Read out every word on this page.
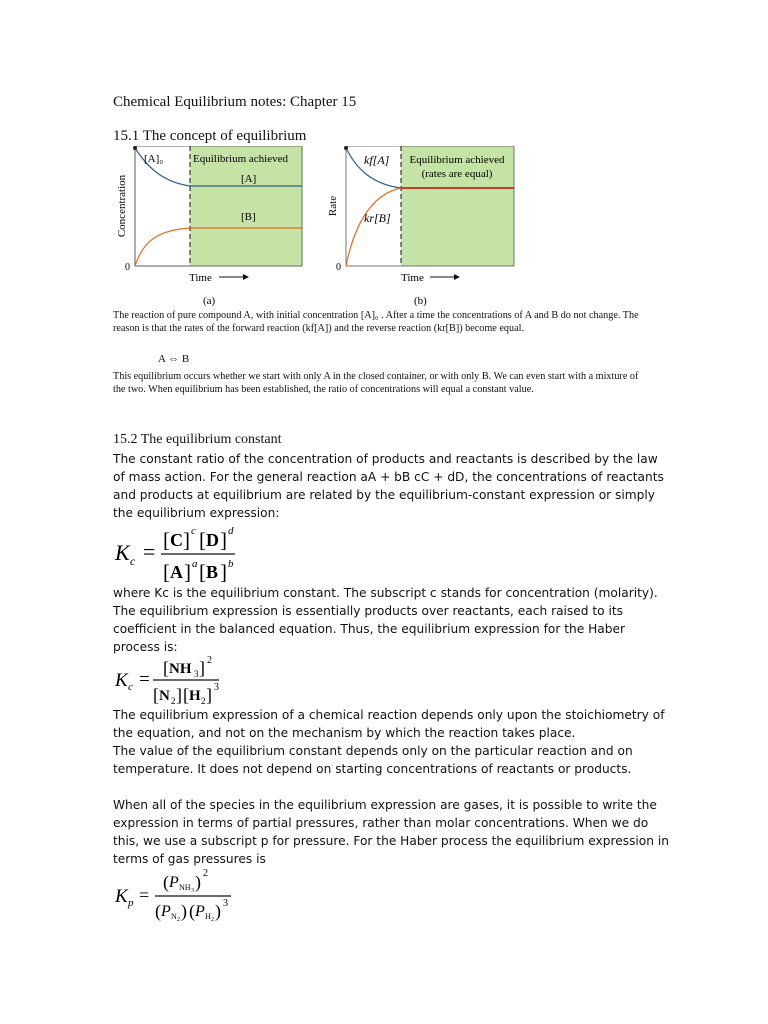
Chemical Equilibrium notes: Chapter 15
15.1 The concept of equilibrium
[A]₀	Equilibrium achieved
[A]
[B]
0
Concentration
Time
(a)
kf[A]
kr[B]
Equilibrium achieved
(rates are equal)
0
Rate
Time
(b)
The reaction of pure compound A, with initial concentration [A]₀ . After a time the concentrations of A and B do not change. The reason is that the rates of the forward reaction (kf[A]) and the reverse reaction (kr[B]) become equal.
A ⇔ B
This equilibrium occurs whether we start with only A in the closed container, or with only B. We can even start with a mixture of the two. When equilibrium has been established, the ratio of concentrations will equal a constant value.
15.2 The equilibrium constant
The constant ratio of the concentration of products and reactants is described by the law of mass action. For the general reaction aA + bB cC + dD, the concentrations of reactants and products at equilibrium are related by the equilibrium-constant expression or simply the equilibrium expression:
K c = [ C ] c [ D ] d
[ A ] a [ B ] b
where Kc is the equilibrium constant. The subscript c stands for concentration (molarity). The equilibrium expression is essentially products over reactants, each raised to its coefficient in the balanced equation. Thus, the equilibrium expression for the Haber process is:
K c =
[ NH 3 ] 2
[ N 2 ] [ H 2 ] 3
The equilibrium expression of a chemical reaction depends only upon the stoichiometry of the equation, and not on the mechanism by which the reaction takes place.
The value of the equilibrium constant depends only on the particular reaction and on temperature. It does not depend on starting concentrations of reactants or products.
When all of the species in the equilibrium expression are gases, it is possible to write the expression in terms of partial pressures, rather than molar concentrations. When we do this, we use a subscript p for pressure. For the Haber process the equilibrium expression in terms of gas pressures is
K p =
( P NH 3 ) 2
( P N 2 ) ( P H 2 ) 3
